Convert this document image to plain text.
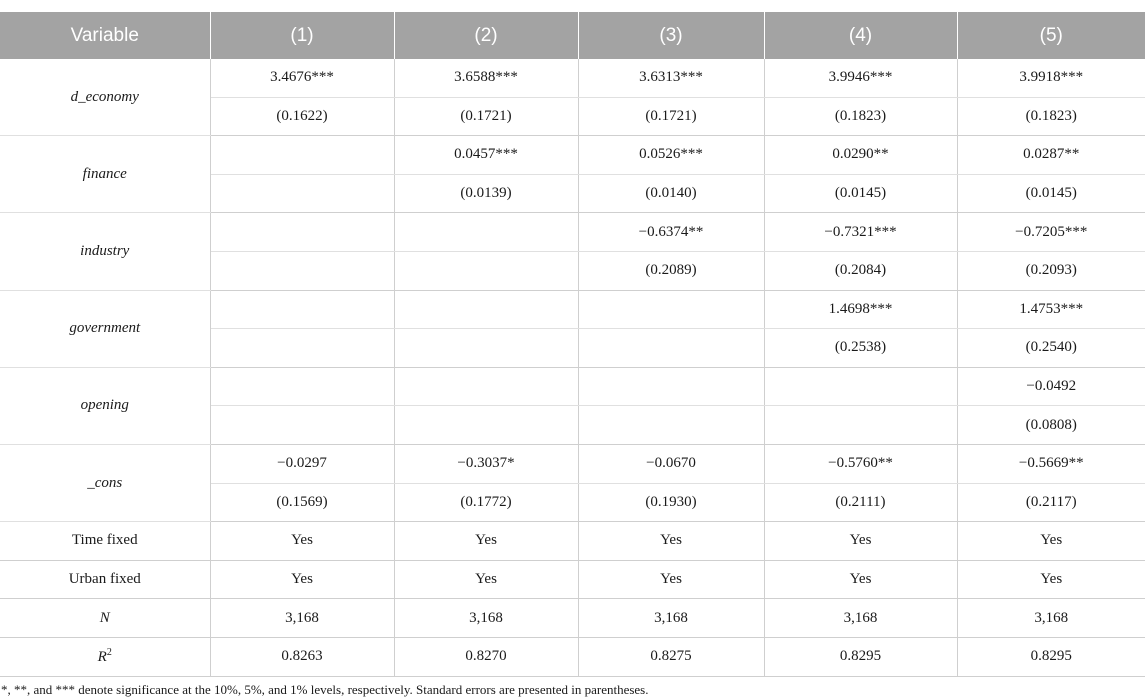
Variable	(1)	(2)	(3)	(4)	(5)
d_economy	3.4676***	3.6588***	3.6313***	3.9946***	3.9918***
	(0.1622)	(0.1721)	(0.1721)	(0.1823)	(0.1823)
finance		0.0457***	0.0526***	0.0290**	0.0287**
		(0.0139)	(0.0140)	(0.0145)	(0.0145)
industry			−0.6374**	−0.7321***	−0.7205***
			(0.2089)	(0.2084)	(0.2093)
government				1.4698***	1.4753***
				(0.2538)	(0.2540)
opening					−0.0492
					(0.0808)
_cons	−0.0297	−0.3037*	−0.0670	−0.5760**	−0.5669**
	(0.1569)	(0.1772)	(0.1930)	(0.2111)	(0.2117)
Time fixed	Yes	Yes	Yes	Yes	Yes
Urban fixed	Yes	Yes	Yes	Yes	Yes
N	3,168	3,168	3,168	3,168	3,168
$R^2$	0.8263	0.8270	0.8275	0.8295	0.8295
*, **, and *** denote significance at the 10%, 5%, and 1% levels, respectively. Standard errors are presented in parentheses.
